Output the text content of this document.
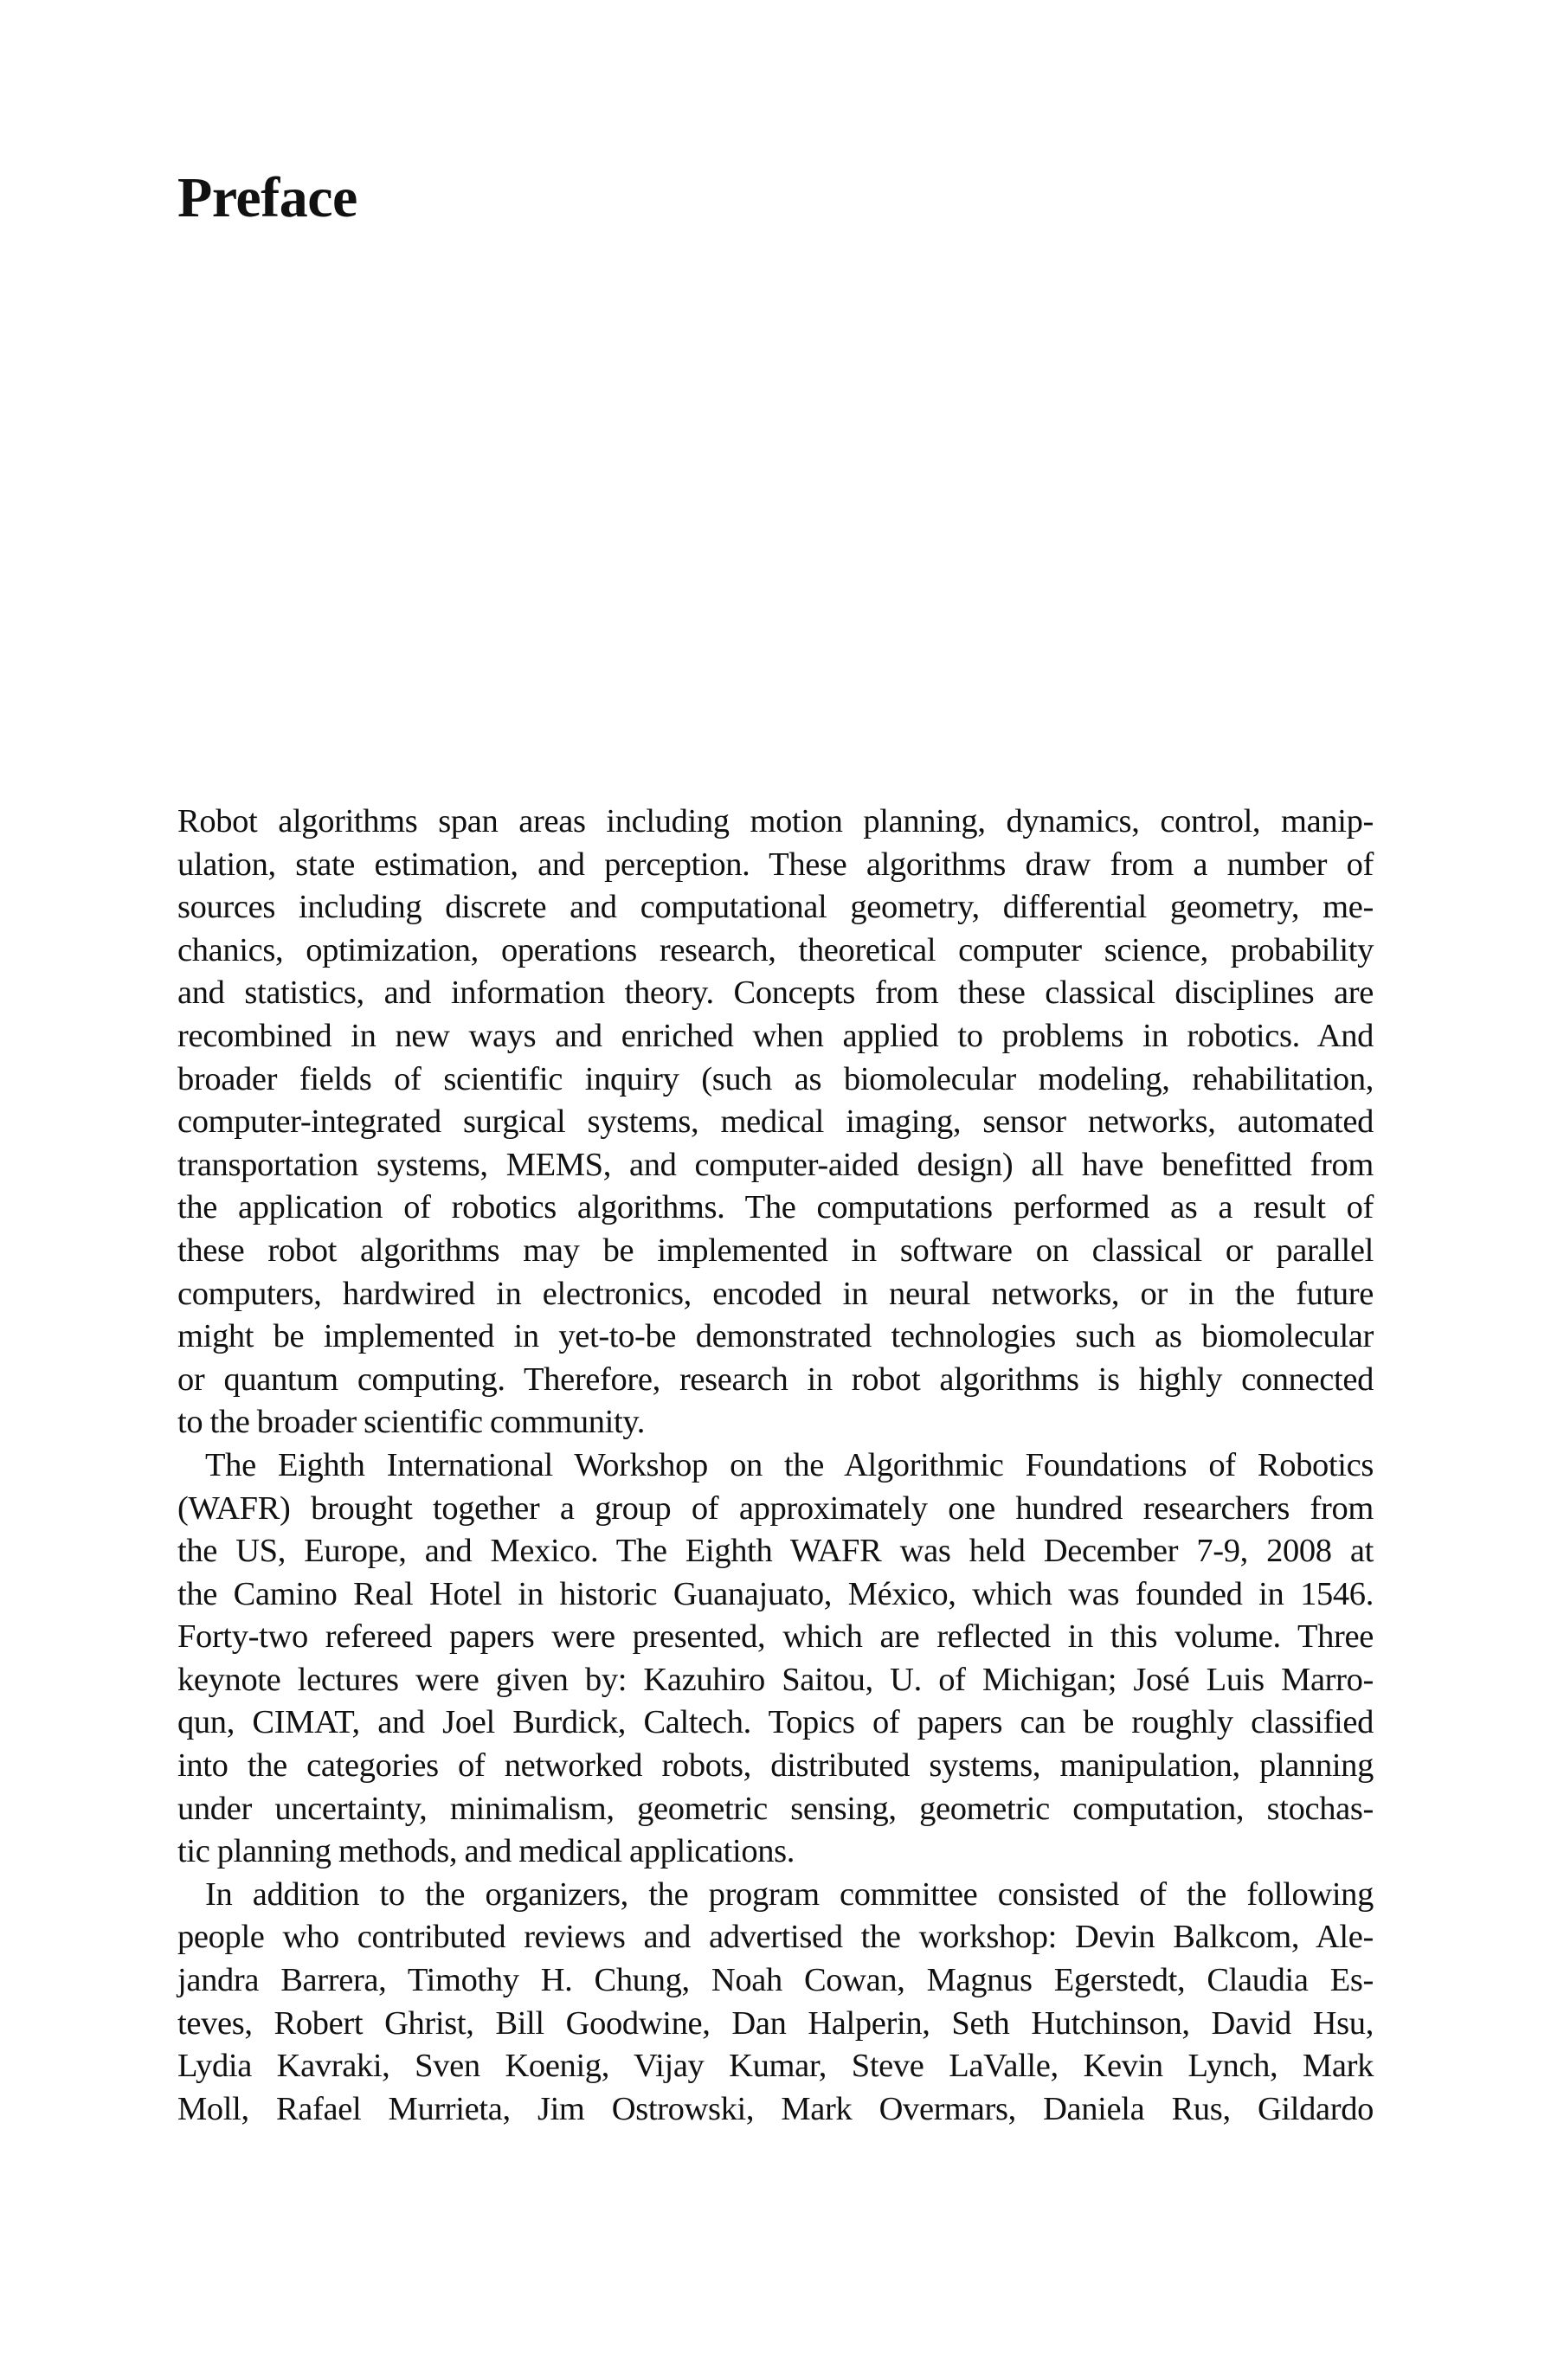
Preface
Robot algorithms span areas including motion planning, dynamics, control, manip-
ulation, state estimation, and perception. These algorithms draw from a number of
sources including discrete and computational geometry, differential geometry, me-
chanics, optimization, operations research, theoretical computer science, probability
and statistics, and information theory. Concepts from these classical disciplines are
recombined in new ways and enriched when applied to problems in robotics. And
broader fields of scientific inquiry (such as biomolecular modeling, rehabilitation,
computer-integrated surgical systems, medical imaging, sensor networks, automated
transportation systems, MEMS, and computer-aided design) all have benefitted from
the application of robotics algorithms. The computations performed as a result of
these robot algorithms may be implemented in software on classical or parallel
computers, hardwired in electronics, encoded in neural networks, or in the future
might be implemented in yet-to-be demonstrated technologies such as biomolecular
or quantum computing. Therefore, research in robot algorithms is highly connected
to the broader scientific community.
The Eighth International Workshop on the Algorithmic Foundations of Robotics
(WAFR) brought together a group of approximately one hundred researchers from
the US, Europe, and Mexico. The Eighth WAFR was held December 7-9, 2008 at
the Camino Real Hotel in historic Guanajuato, México, which was founded in 1546.
Forty-two refereed papers were presented, which are reflected in this volume. Three
keynote lectures were given by: Kazuhiro Saitou, U. of Michigan; José Luis Marro-
qun, CIMAT, and Joel Burdick, Caltech. Topics of papers can be roughly classified
into the categories of networked robots, distributed systems, manipulation, planning
under uncertainty, minimalism, geometric sensing, geometric computation, stochas-
tic planning methods, and medical applications.
In addition to the organizers, the program committee consisted of the following
people who contributed reviews and advertised the workshop: Devin Balkcom, Ale-
jandra Barrera, Timothy H. Chung, Noah Cowan, Magnus Egerstedt, Claudia Es-
teves, Robert Ghrist, Bill Goodwine, Dan Halperin, Seth Hutchinson, David Hsu,
Lydia Kavraki, Sven Koenig, Vijay Kumar, Steve LaValle, Kevin Lynch, Mark
Moll, Rafael Murrieta, Jim Ostrowski, Mark Overmars, Daniela Rus, Gildardo
